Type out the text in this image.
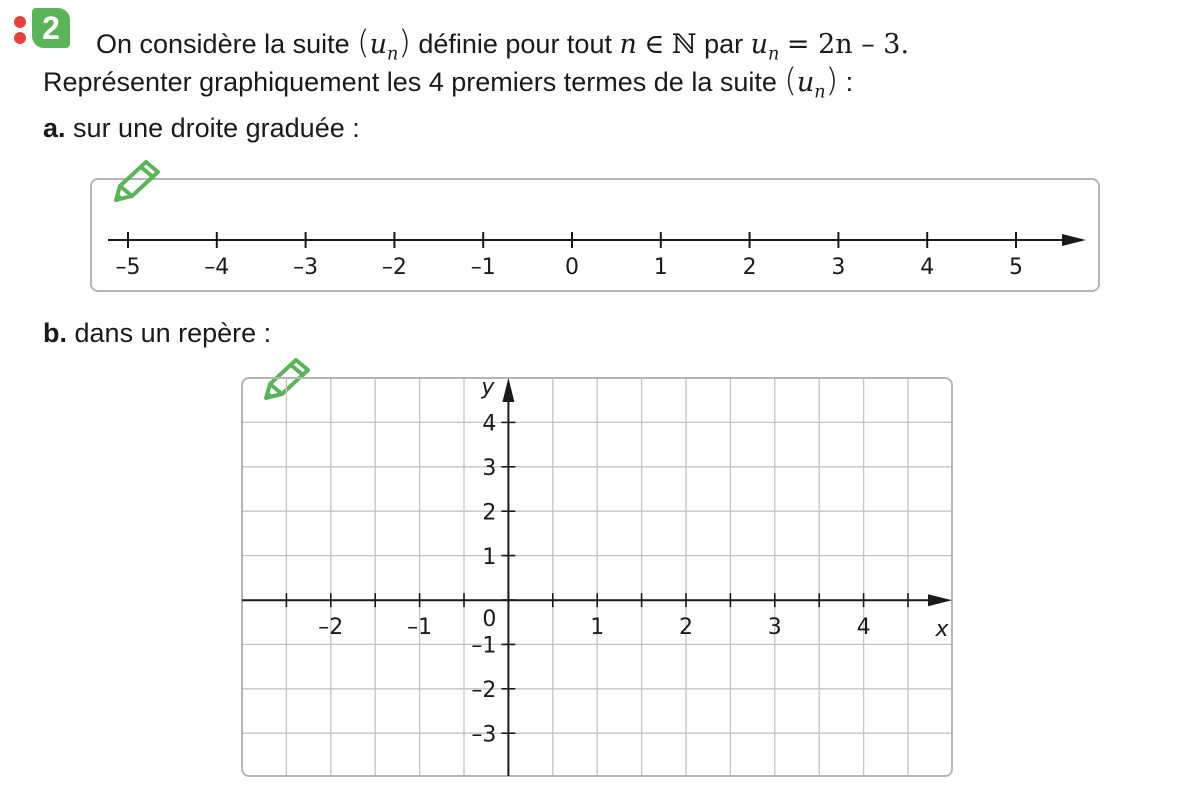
2	On considère la suite $(u_n)$ définie pour tout n ∈ ℕ par $u_n = 2n - 3$.
Représenter graphiquement les 4 premiers termes de la suite $(u_n)$ :
a. sur une droite graduée :
b. dans un repère :
–5	–4	–3	–2	–1	0	1	2	3	4	5
–2	–1	1	2	3	4
4
3
2
1
–1
–2
–3
0
y
x
